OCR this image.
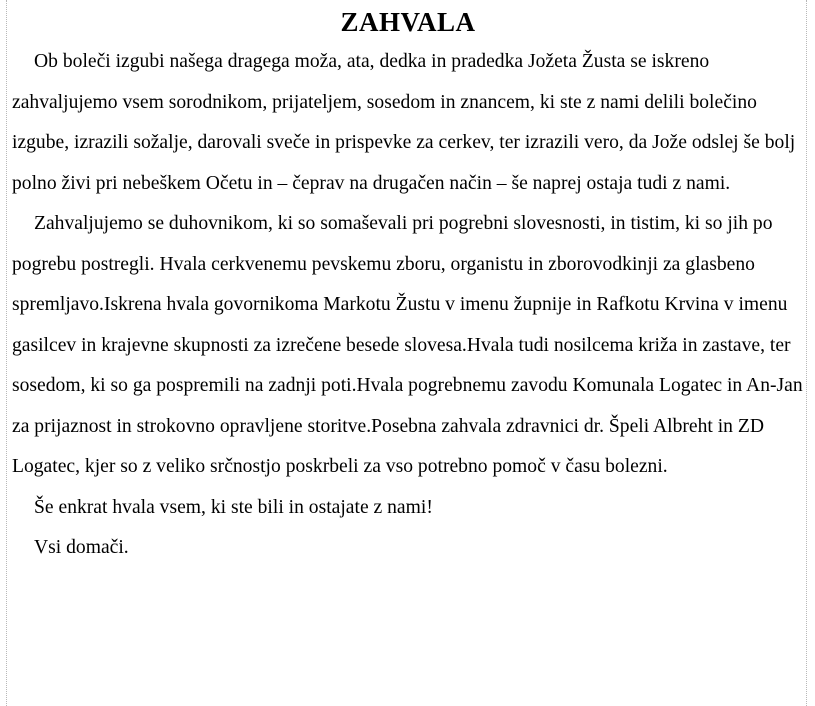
ZAHVALA

Ob boleči izgubi našega dragega moža, ata, dedka in pradedka Jožeta Žusta se iskreno zahvaljujemo vsem sorodnikom, prijateljem, sosedom in znancem, ki ste z nami delili bolečino izgube, izrazili sožalje, darovali sveče in prispevke za cerkev, ter izrazili vero, da Jože odslej še bolj polno živi pri nebeškem Očetu in – čeprav na drugačen način – še naprej ostaja tudi z nami.

Zahvaljujemo se duhovnikom, ki so somaševali pri pogrebni slovesnosti, in tistim, ki so jih po pogrebu postregli. Hvala cerkvenemu pevskemu zboru, organistu in zborovodkinji za glasbeno spremljavo.Iskrena hvala govornikoma Markotu Žustu v imenu župnije in Rafkotu Krvina v imenu gasilcev in krajevne skupnosti za izrečene besede slovesa.Hvala tudi nosilcema križa in zastave, ter sosedom, ki so ga pospremili na zadnji poti.Hvala pogrebnemu zavodu Komunala Logatec in An-Jan za prijaznost in strokovno opravljene storitve.Posebna zahvala zdravnici dr. Špeli Albreht in ZD Logatec, kjer so z veliko srčnostjo poskrbeli za vso potrebno pomoč v času bolezni.

Še enkrat hvala vsem, ki ste bili in ostajate z nami!

Vsi domači.
